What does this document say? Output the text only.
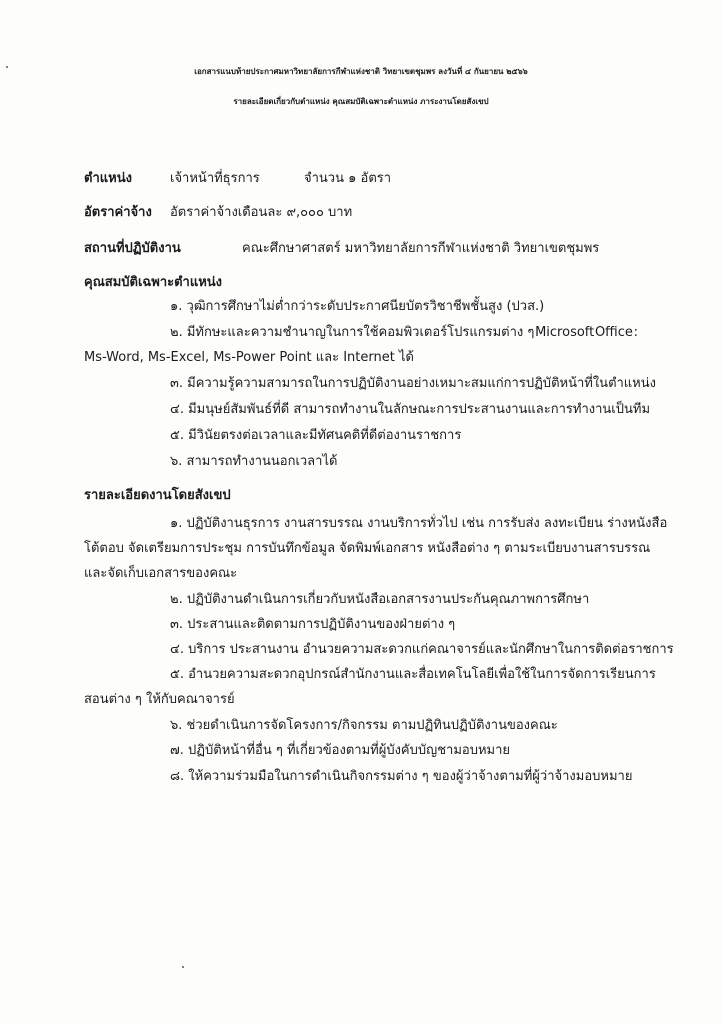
เอกสารแนบท้ายประกาศมหาวิทยาลัยการกีฬาแห่งชาติ วิทยาเขตชุมพร ลงวันที่ ๔ กันยายน ๒๕๖๖
รายละเอียดเกี่ยวกับตำแหน่ง คุณสมบัติเฉพาะตำแหน่ง ภาระงานโดยสังเขป
ตำแหน่ง	เจ้าหน้าที่ธุรการ	จำนวน ๑ อัตรา
อัตราค่าจ้าง อัตราค่าจ้างเดือนละ ๙,๐๐๐ บาท
สถานที่ปฏิบัติงาน	คณะศึกษาศาสตร์ มหาวิทยาลัยการกีฬาแห่งชาติ วิทยาเขตชุมพร
คุณสมบัติเฉพาะตำแหน่ง
๑. วุฒิการศึกษาไม่ต่ำกว่าระดับประกาศนียบัตรวิชาชีพชั้นสูง (ปวส.)
๒. มีทักษะและความชำนาญในการใช้คอมพิวเตอร์โปรแกรมต่าง ๆ Microsoft Office :
Ms-Word, Ms-Excel, Ms-Power Point และ Internet ได้
๓. มีความรู้ความสามารถในการปฏิบัติงานอย่างเหมาะสมแก่การปฏิบัติหน้าที่ในตำแหน่ง
๔. มีมนุษย์สัมพันธ์ที่ดี สามารถทำงานในลักษณะการประสานงานและการทำงานเป็นทีม
๕. มีวินัยตรงต่อเวลาและมีทัศนคติที่ดีต่องานราชการ
๖. สามารถทำงานนอกเวลาได้
รายละเอียดงานโดยสังเขป
๑. ปฏิบัติงานธุรการ งานสารบรรณ งานบริการทั่วไป เช่น การรับส่ง ลงทะเบียน ร่างหนังสือ
โต้ตอบ จัดเตรียมการประชุม การบันทึกข้อมูล จัดพิมพ์เอกสาร หนังสือต่าง ๆ ตามระเบียบงานสารบรรณ
และจัดเก็บเอกสารของคณะ
๒. ปฏิบัติงานดำเนินการเกี่ยวกับหนังสือเอกสารงานประกันคุณภาพการศึกษา
๓. ประสานและติดตามการปฏิบัติงานของฝ่ายต่าง ๆ
๔. บริการ ประสานงาน อำนวยความสะดวกแก่คณาจารย์และนักศึกษาในการติดต่อราชการ
๕. อำนวยความสะดวกอุปกรณ์สำนักงานและสื่อเทคโนโลยีเพื่อใช้ในการจัดการเรียนการ
สอนต่าง ๆ ให้กับคณาจารย์
๖. ช่วยดำเนินการจัดโครงการ/กิจกรรม ตามปฏิทินปฏิบัติงานของคณะ
๗. ปฏิบัติหน้าที่อื่น ๆ ที่เกี่ยวข้องตามที่ผู้บังคับบัญชามอบหมาย
๘. ให้ความร่วมมือในการดำเนินกิจกรรมต่าง ๆ ของผู้ว่าจ้างตามที่ผู้ว่าจ้างมอบหมาย
